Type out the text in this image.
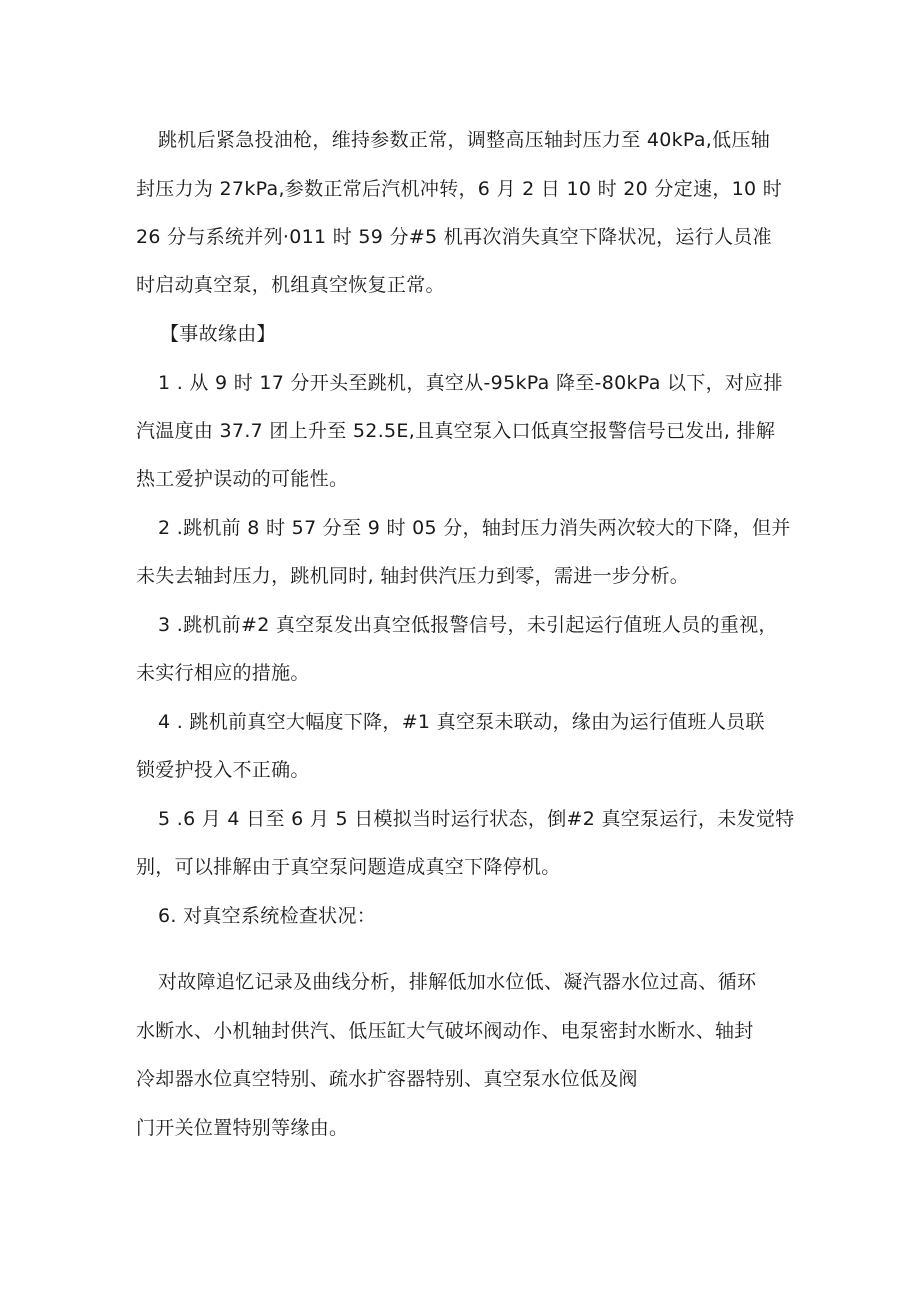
跳机后紧急投油枪，维持参数正常，调整高压轴封压力至 40kPa,低压轴
封压力为 27kPa,参数正常后汽机冲转，6 月 2 日 10 时 20 分定速，10 时
26 分与系统并列·011 时 59 分#5 机再次消失真空下降状况，运行人员准
时启动真空泵，机组真空恢复正常。
【事故缘由】
1 . 从 9 时 17 分开头至跳机，真空从-95kPa 降至-80kPa 以下，对应排
汽温度由 37.7 团上升至 52.5E,且真空泵入口低真空报警信号已发出, 排解
热工爱护误动的可能性。
2 .跳机前 8 时 57 分至 9 时 05 分，轴封压力消失两次较大的下降，但并
未失去轴封压力，跳机同时, 轴封供汽压力到零，需进一步分析。
3 .跳机前#2 真空泵发出真空低报警信号，未引起运行值班人员的重视，
未实行相应的措施。
4 . 跳机前真空大幅度下降，#1 真空泵未联动，缘由为运行值班人员联
锁爱护投入不正确。
5 .6 月 4 日至 6 月 5 日模拟当时运行状态，倒#2 真空泵运行，未发觉特
别，可以排解由于真空泵问题造成真空下降停机。
6. 对真空系统检查状况：
对故障追忆记录及曲线分析，排解低加水位低、凝汽器水位过高、循环
水断水、小机轴封供汽、低压缸大气破坏阀动作、电泵密封水断水、轴封
冷却器水位真空特别、疏水扩容器特别、真空泵水位低及阀
门开关位置特别等缘由。
